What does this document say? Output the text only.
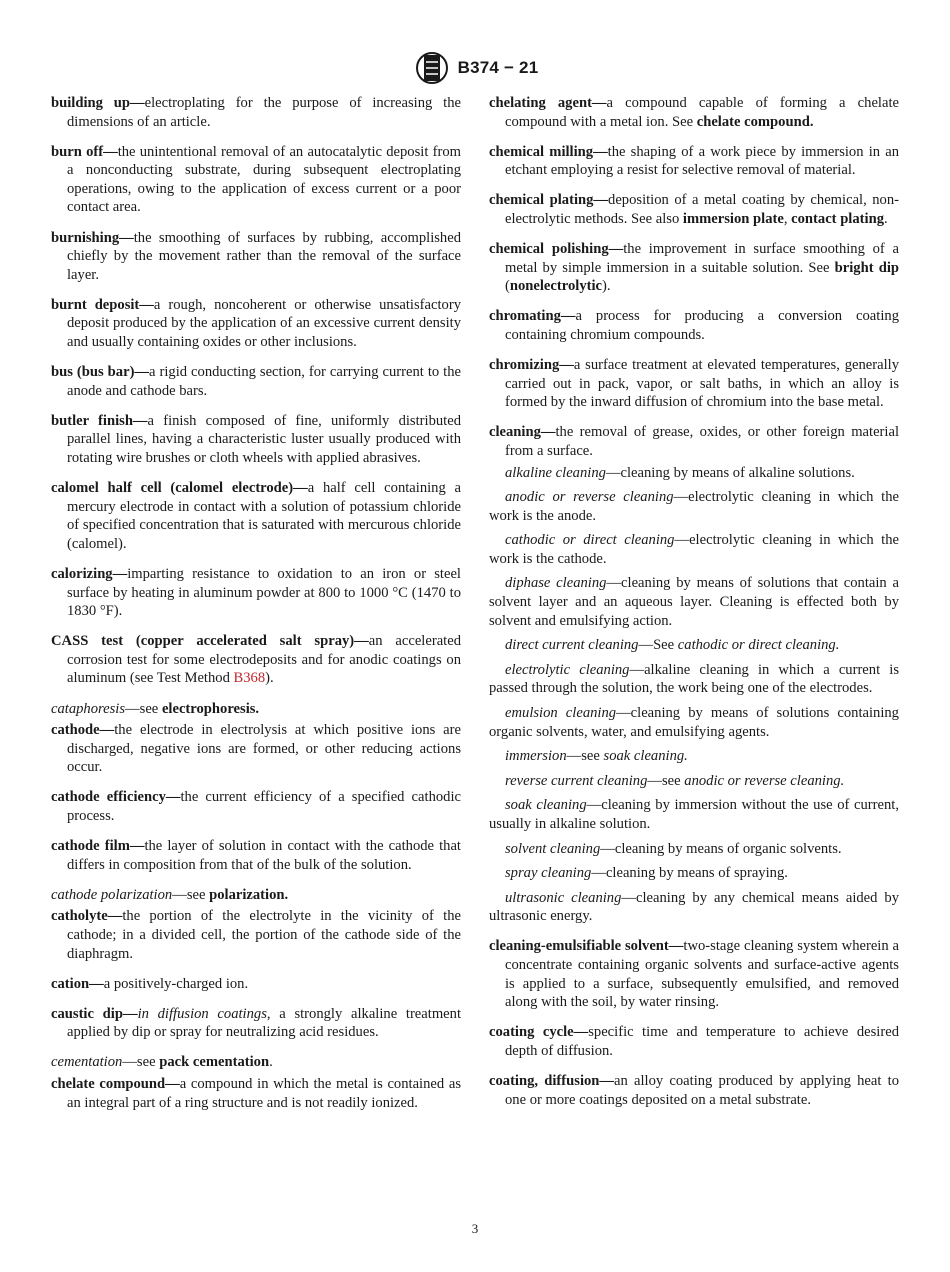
B374 − 21

building up—electroplating for the purpose of increasing the dimensions of an article.

burn off—the unintentional removal of an autocatalytic deposit from a nonconducting substrate, during subsequent electroplating operations, owing to the application of excess current or a poor contact area.

burnishing—the smoothing of surfaces by rubbing, accomplished chiefly by the movement rather than the removal of the surface layer.

burnt deposit—a rough, noncoherent or otherwise unsatisfactory deposit produced by the application of an excessive current density and usually containing oxides or other inclusions.

bus (bus bar)—a rigid conducting section, for carrying current to the anode and cathode bars.

butler finish—a finish composed of fine, uniformly distributed parallel lines, having a characteristic luster usually produced with rotating wire brushes or cloth wheels with applied abrasives.

calomel half cell (calomel electrode)—a half cell containing a mercury electrode in contact with a solution of potassium chloride of specified concentration that is saturated with mercurous chloride (calomel).

calorizing—imparting resistance to oxidation to an iron or steel surface by heating in aluminum powder at 800 to 1000 °C (1470 to 1830 °F).

CASS test (copper accelerated salt spray)—an accelerated corrosion test for some electrodeposits and for anodic coatings on aluminum (see Test Method B368).

cataphoresis—see electrophoresis.

cathode—the electrode in electrolysis at which positive ions are discharged, negative ions are formed, or other reducing actions occur.

cathode efficiency—the current efficiency of a specified cathodic process.

cathode film—the layer of solution in contact with the cathode that differs in composition from that of the bulk of the solution.

cathode polarization—see polarization.

catholyte—the portion of the electrolyte in the vicinity of the cathode; in a divided cell, the portion of the cathode side of the diaphragm.

cation—a positively-charged ion.

caustic dip—in diffusion coatings, a strongly alkaline treatment applied by dip or spray for neutralizing acid residues.

cementation—see pack cementation.

chelate compound—a compound in which the metal is contained as an integral part of a ring structure and is not readily ionized.

chelating agent—a compound capable of forming a chelate compound with a metal ion. See chelate compound.

chemical milling—the shaping of a work piece by immersion in an etchant employing a resist for selective removal of material.

chemical plating—deposition of a metal coating by chemical, non-electrolytic methods. See also immersion plate, contact plating.

chemical polishing—the improvement in surface smoothing of a metal by simple immersion in a suitable solution. See bright dip (nonelectrolytic).

chromating—a process for producing a conversion coating containing chromium compounds.

chromizing—a surface treatment at elevated temperatures, generally carried out in pack, vapor, or salt baths, in which an alloy is formed by the inward diffusion of chromium into the base metal.

cleaning—the removal of grease, oxides, or other foreign material from a surface.

alkaline cleaning—cleaning by means of alkaline solutions.

anodic or reverse cleaning—electrolytic cleaning in which the work is the anode.

cathodic or direct cleaning—electrolytic cleaning in which the work is the cathode.

diphase cleaning—cleaning by means of solutions that contain a solvent layer and an aqueous layer. Cleaning is effected both by solvent and emulsifying action.

direct current cleaning—See cathodic or direct cleaning.

electrolytic cleaning—alkaline cleaning in which a current is passed through the solution, the work being one of the electrodes.

emulsion cleaning—cleaning by means of solutions containing organic solvents, water, and emulsifying agents.

immersion—see soak cleaning.

reverse current cleaning—see anodic or reverse cleaning.

soak cleaning—cleaning by immersion without the use of current, usually in alkaline solution.

solvent cleaning—cleaning by means of organic solvents.

spray cleaning—cleaning by means of spraying.

ultrasonic cleaning—cleaning by any chemical means aided by ultrasonic energy.

cleaning-emulsifiable solvent—two-stage cleaning system wherein a concentrate containing organic solvents and surface-active agents is applied to a surface, subsequently emulsified, and removed along with the soil, by water rinsing.

coating cycle—specific time and temperature to achieve desired depth of diffusion.

coating, diffusion—an alloy coating produced by applying heat to one or more coatings deposited on a metal substrate.

3
